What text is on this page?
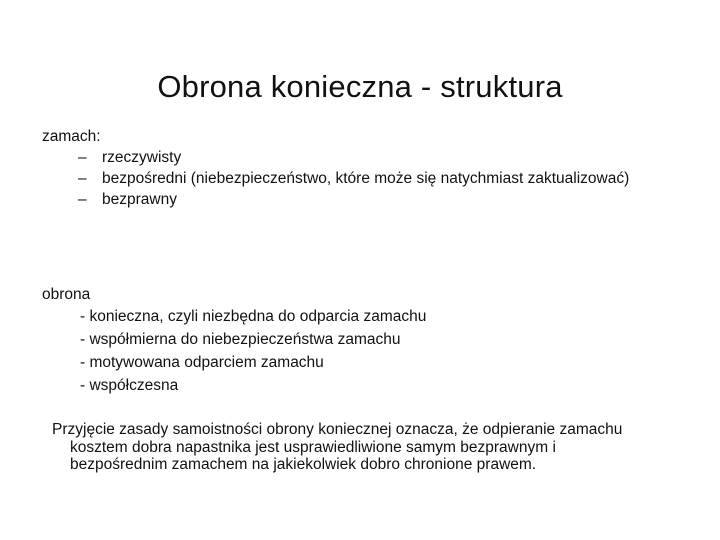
Obrona konieczna - struktura

zamach:

– rzeczywisty
– bezpośredni (niebezpieczeństwo, które może się natychmiast zaktualizować)
– bezprawny

obrona

- konieczna, czyli niezbędna do odparcia zamachu
- współmierna do niebezpieczeństwa zamachu
- motywowana odparciem zamachu
- współczesna

Przyjęcie zasady samoistności obrony koniecznej oznacza, że odpieranie zamachu kosztem dobra napastnika jest usprawiedliwione samym bezprawnym i bezpośrednim zamachem na jakiekolwiek dobro chronione prawem.
